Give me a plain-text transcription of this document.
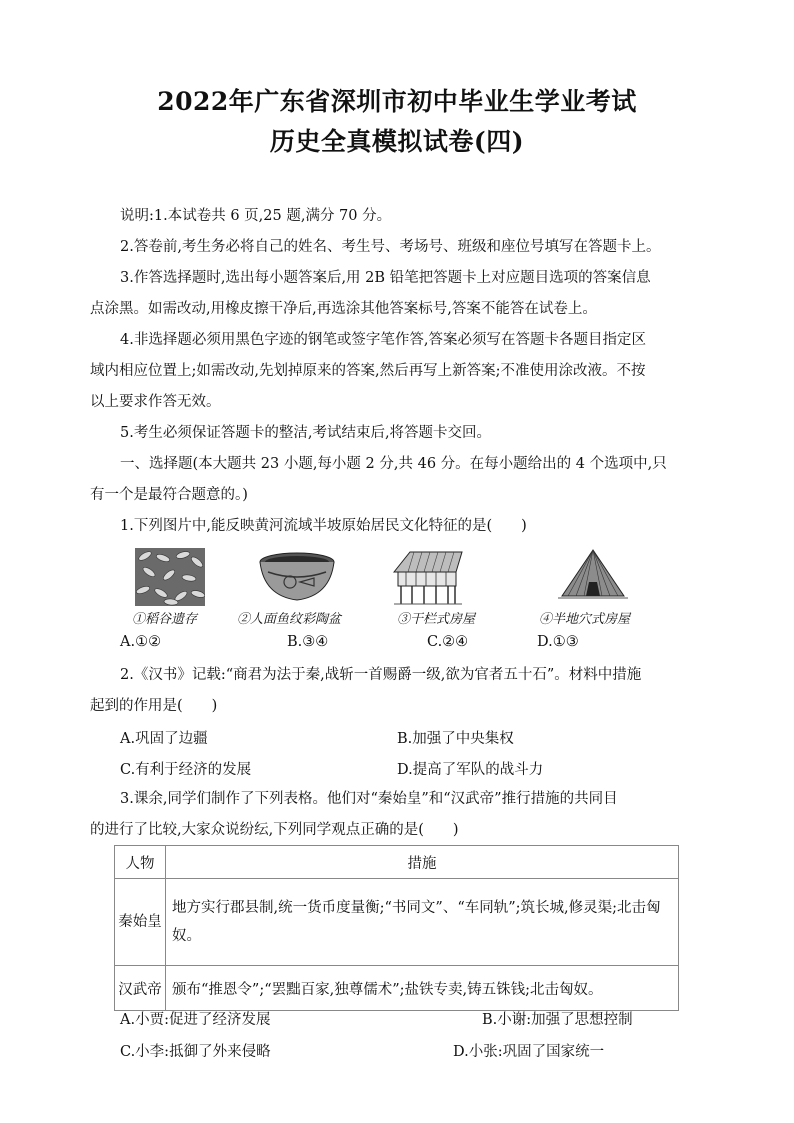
2022年广东省深圳市初中毕业生学业考试
历史全真模拟试卷(四)
说明:1.本试卷共 6 页,25 题,满分 70 分。
2.答卷前,考生务必将自己的姓名、考生号、考场号、班级和座位号填写在答题卡上。
3.作答选择题时,选出每小题答案后,用 2B 铅笔把答题卡上对应题目选项的答案信息
点涂黑。如需改动,用橡皮擦干净后,再选涂其他答案标号,答案不能答在试卷上。
4.非选择题必须用黑色字迹的钢笔或签字笔作答,答案必须写在答题卡各题目指定区
域内相应位置上;如需改动,先划掉原来的答案,然后再写上新答案;不准使用涂改液。不按
以上要求作答无效。
5.考生必须保证答题卡的整洁,考试结束后,将答题卡交回。
一、选择题(本大题共 23 小题,每小题 2 分,共 46 分。在每小题给出的 4 个选项中,只
有一个是最符合题意的。)
1.下列图片中,能反映黄河流域半坡原始居民文化特征的是(　　)
①稻谷遗存	②人面鱼纹彩陶盆	③干栏式房屋	④半地穴式房屋
A.①②	B.③④	C.②④	D.①③
2.《汉书》记载:“商君为法于秦,战斩一首赐爵一级,欲为官者五十石”。材料中措施
起到的作用是(　　)
A.巩固了边疆	B.加强了中央集权
C.有利于经济的发展	D.提高了军队的战斗力
3.课余,同学们制作了下列表格。他们对“秦始皇”和“汉武帝”推行措施的共同目
的进行了比较,大家众说纷纭,下列同学观点正确的是(　　)
人物	措施
秦始皇	地方实行郡县制,统一货币度量衡;“书同文”、“车同轨”;筑长城,修灵渠;北击匈奴。
汉武帝	颁布“推恩令”;“罢黜百家,独尊儒术”;盐铁专卖,铸五铢钱;北击匈奴。
A.小贾:促进了经济发展	B.小谢:加强了思想控制
C.小李:抵御了外来侵略	D.小张:巩固了国家统一
